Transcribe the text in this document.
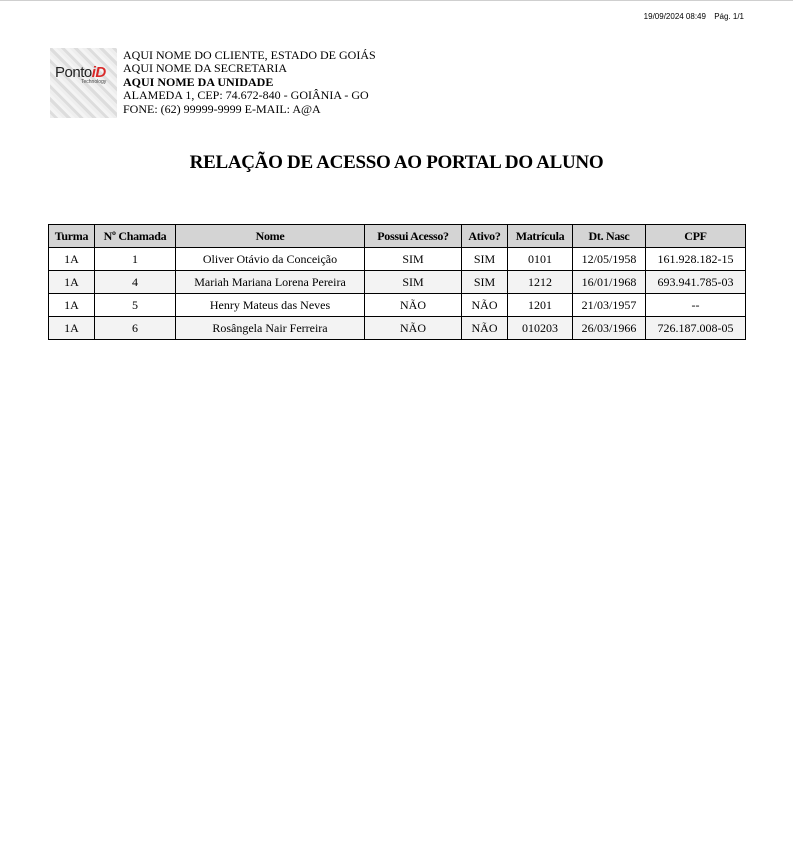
19/09/2024 08:49 Pág. 1/1
PontoiD
Technology
AQUI NOME DO CLIENTE, ESTADO DE GOIÁS
AQUI NOME DA SECRETARIA
AQUI NOME DA UNIDADE
ALAMEDA 1, CEP: 74.672-840 - GOIÂNIA - GO
FONE: (62) 99999-9999 E-MAIL: A@A
RELAÇÃO DE ACESSO AO PORTAL DO ALUNO
Turma	Nº Chamada	Nome	Possui Acesso?	Ativo?	Matrícula	Dt. Nasc	CPF
1A	1	Oliver Otávio da Conceição	SIM	SIM	0101	12/05/1958	161.928.182-15
1A	4	Mariah Mariana Lorena Pereira	SIM	SIM	1212	16/01/1968	693.941.785-03
1A	5	Henry Mateus das Neves	NÃO	NÃO	1201	21/03/1957	--
1A	6	Rosângela Nair Ferreira	NÃO	NÃO	010203	26/03/1966	726.187.008-05
